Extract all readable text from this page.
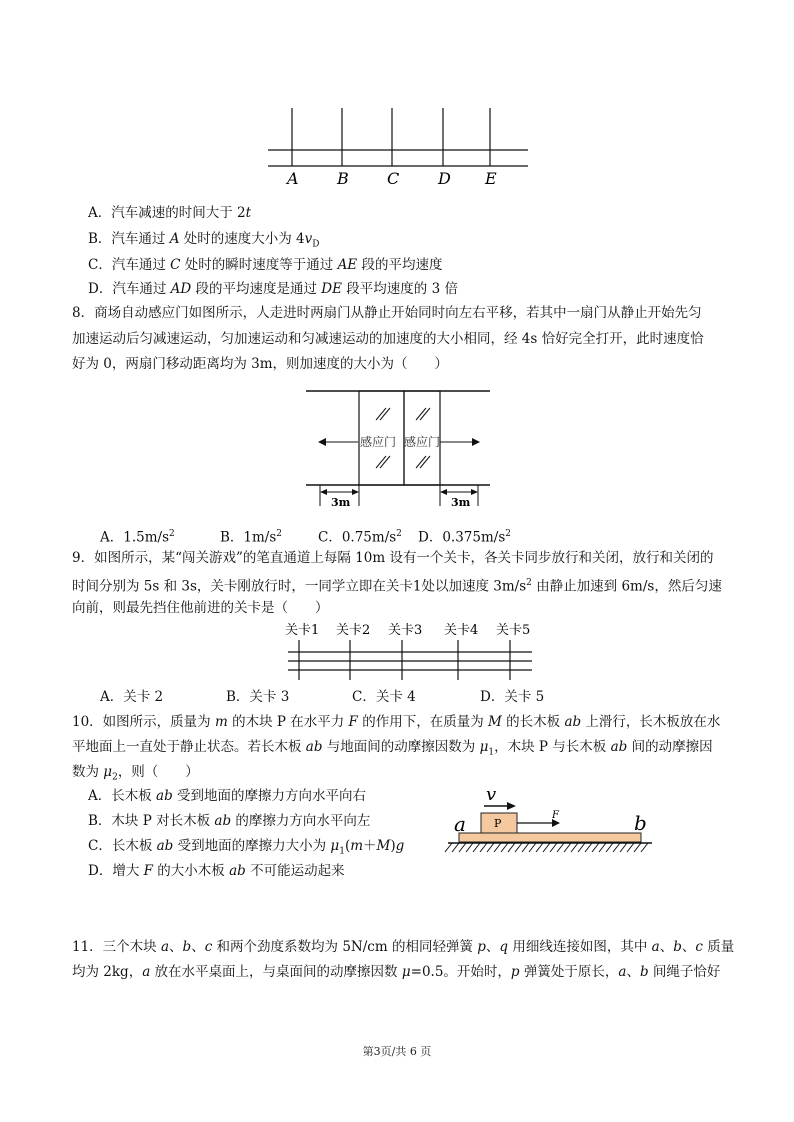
A B C D E
A．汽车减速的时间大于 2t
B．汽车通过 A 处时的速度大小为 $4v_D$
C．汽车通过 C 处时的瞬时速度等于通过 AE 段的平均速度
D．汽车通过 AD 段的平均速度是通过 DE 段平均速度的 3 倍
8．商场自动感应门如图所示，人走进时两扇门从静止开始同时向左右平移，若其中一扇门从静止开始先匀
加速运动后匀减速运动，匀加速运动和匀减速运动的加速度的大小相同，经 4s 恰好完全打开，此时速度恰
好为 0，两扇门移动距离均为 3m，则加速度的大小为（　　）
感应门 感应门
3m	3m
A．$1.5m/s^2$	B．$1m/s^2$	C．$0.75m/s^2$ D．$0.375m/s^2$
9．如图所示，某“闯关游戏”的笔直通道上每隔 10m 设有一个关卡，各关卡同步放行和关闭，放行和关闭的
时间分别为 5s 和 3s，关卡刚放行时，一同学立即在关卡1处以加速度 $3m/s^2$ 由静止加速到 6m/s，然后匀速
向前，则最先挡住他前进的关卡是（　　）
关卡1 关卡2 关卡3 关卡4 关卡5
A．关卡 2	B．关卡 3	C．关卡 4	D．关卡 5
10．如图所示，质量为 m 的木块 P 在水平力 F 的作用下，在质量为 M 的长木板 ab 上滑行，长木板放在水
平地面上一直处于静止状态。若长木板 ab 与地面间的动摩擦因数为 $\mu_1$，木块 P 与长木板 ab 间的动摩擦因
数为 $\mu_2$，则（　　）
A．长木板 ab 受到地面的摩擦力方向水平向右
B．木块 P 对长木板 ab 的摩擦力方向水平向左
C．长木板 ab 受到地面的摩擦力大小为 $\mu_1(m+M)g$
D．增大 F 的大小木板 ab 不可能运动起来
v
P
F
a	b
11．三个木块 a、b、c 和两个劲度系数均为 5N/cm 的相同轻弹簧 p、q 用细线连接如图，其中 a、b、c 质量
均为 2kg，a 放在水平桌面上，与桌面间的动摩擦因数 μ=0.5。开始时，p 弹簧处于原长，a、b 间绳子恰好
第3页/共 6 页
